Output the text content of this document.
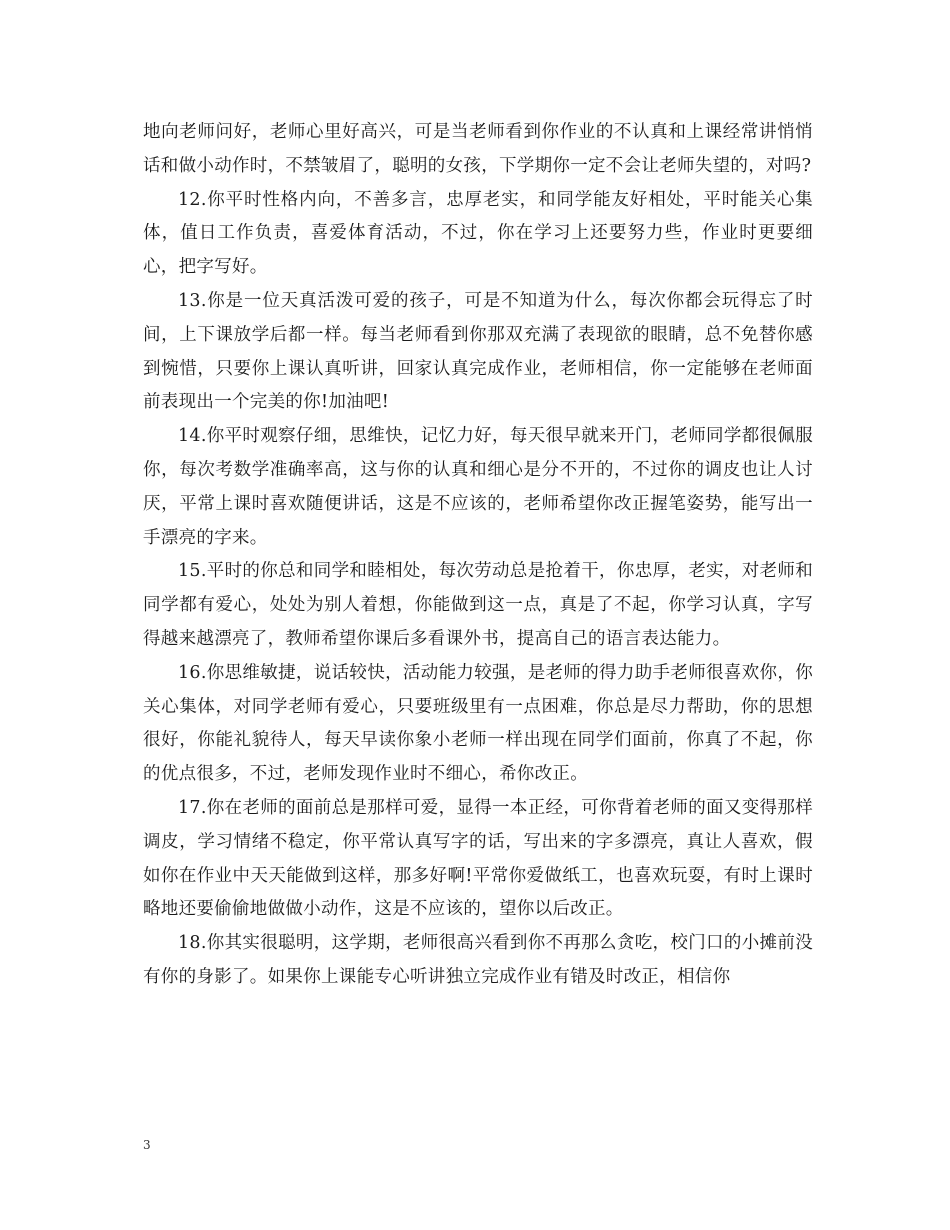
地向老师问好，老师心里好高兴，可是当老师看到你作业的不认真和上课经常讲悄悄话和做小动作时，不禁皱眉了，聪明的女孩，下学期你一定不会让老师失望的，对吗?

12.你平时性格内向，不善多言，忠厚老实，和同学能友好相处，平时能关心集体，值日工作负责，喜爱体育活动，不过，你在学习上还要努力些，作业时更要细心，把字写好。

13.你是一位天真活泼可爱的孩子，可是不知道为什么，每次你都会玩得忘了时间，上下课放学后都一样。每当老师看到你那双充满了表现欲的眼睛，总不免替你感到惋惜，只要你上课认真听讲，回家认真完成作业，老师相信，你一定能够在老师面前表现出一个完美的你!加油吧!

14.你平时观察仔细，思维快，记忆力好，每天很早就来开门，老师同学都很佩服你，每次考数学准确率高，这与你的认真和细心是分不开的，不过你的调皮也让人讨厌，平常上课时喜欢随便讲话，这是不应该的，老师希望你改正握笔姿势，能写出一手漂亮的字来。

15.平时的你总和同学和睦相处，每次劳动总是抢着干，你忠厚，老实，对老师和同学都有爱心，处处为别人着想，你能做到这一点，真是了不起，你学习认真，字写得越来越漂亮了，教师希望你课后多看课外书，提高自己的语言表达能力。

16.你思维敏捷，说话较快，活动能力较强，是老师的得力助手老师很喜欢你，你关心集体，对同学老师有爱心，只要班级里有一点困难，你总是尽力帮助，你的思想很好，你能礼貌待人，每天早读你象小老师一样出现在同学们面前，你真了不起，你的优点很多，不过，老师发现作业时不细心，希你改正。

17.你在老师的面前总是那样可爱，显得一本正经，可你背着老师的面又变得那样调皮，学习情绪不稳定，你平常认真写字的话，写出来的字多漂亮，真让人喜欢，假如你在作业中天天能做到这样，那多好啊!平常你爱做纸工，也喜欢玩耍，有时上课时略地还要偷偷地做做小动作，这是不应该的，望你以后改正。

18.你其实很聪明，这学期，老师很高兴看到你不再那么贪吃，校门口的小摊前没有你的身影了。如果你上课能专心听讲独立完成作业有错及时改正，相信你

3
